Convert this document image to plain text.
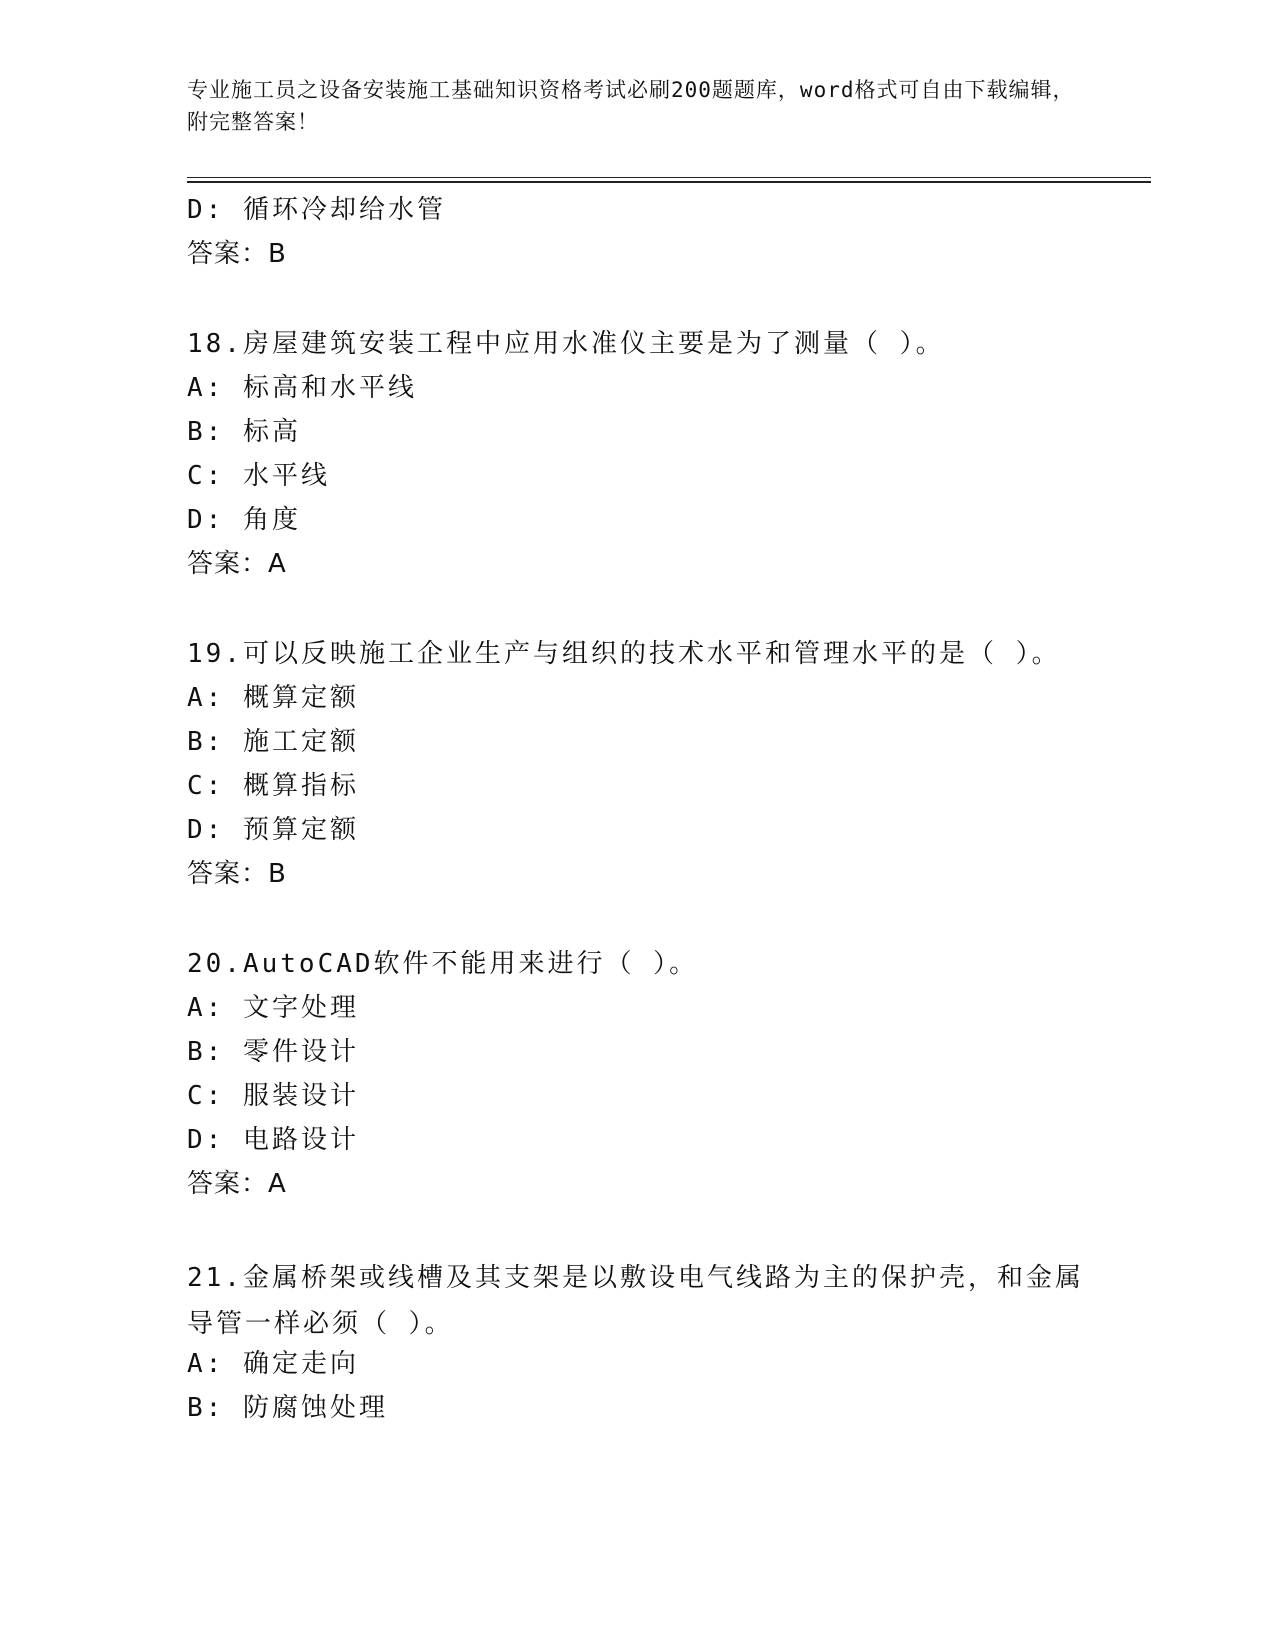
专业施工员之设备安装施工基础知识资格考试必刷200题题库，word格式可自由下载编辑，附完整答案！
D: 循环冷却给水管
答案：B
18.房屋建筑安装工程中应用水准仪主要是为了测量（ ）。
A: 标高和水平线
B: 标高
C: 水平线
D: 角度
答案：A
19.可以反映施工企业生产与组织的技术水平和管理水平的是（ ）。
A: 概算定额
B: 施工定额
C: 概算指标
D: 预算定额
答案：B
20.AutoCAD软件不能用来进行（ ）。
A: 文字处理
B: 零件设计
C: 服装设计
D: 电路设计
答案：A
21.金属桥架或线槽及其支架是以敷设电气线路为主的保护壳，和金属导管一样必须（ ）。
A: 确定走向
B: 防腐蚀处理
